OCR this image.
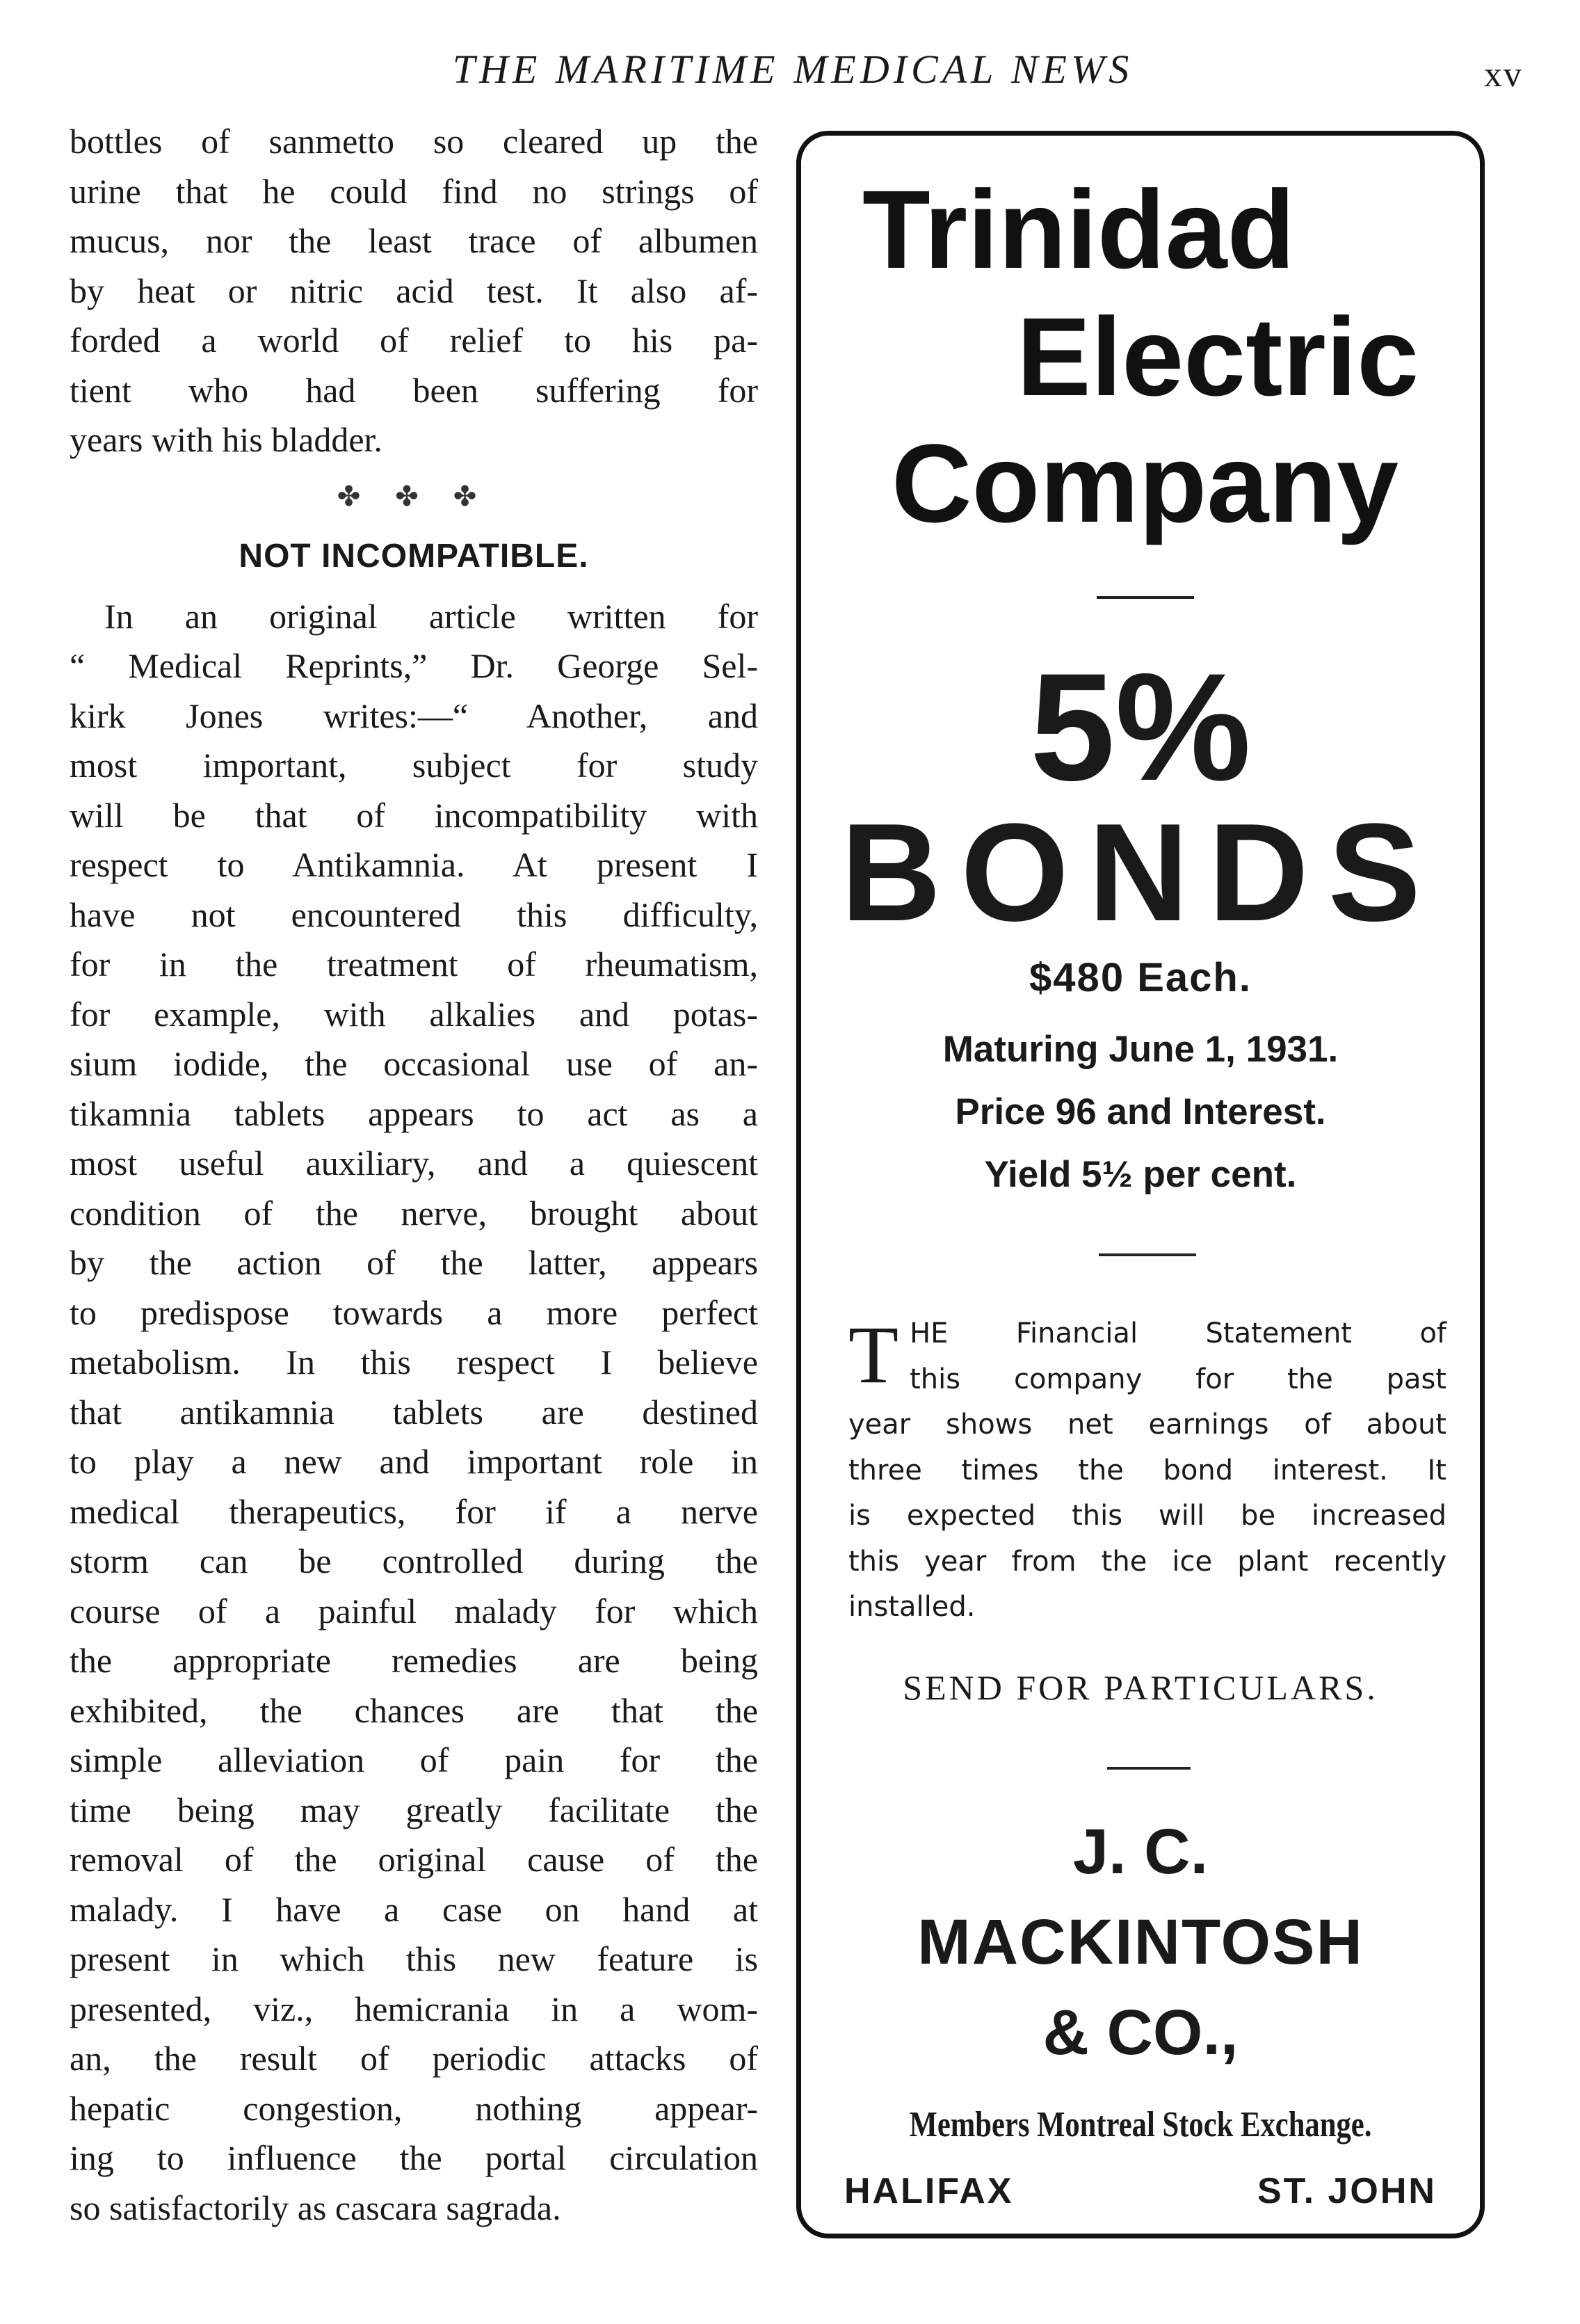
THE MARITIME MEDICAL NEWS	xv
bottles of sanmetto so cleared up the
urine that he could find no strings of
mucus, nor the least trace of albumen
by heat or nitric acid test. It also af-
forded a world of relief to his pa-
tient who had been suffering for
years with his bladder.
✤ ✤ ✤
NOT INCOMPATIBLE.
In an original article written for
“ Medical Reprints,” Dr. George Sel-
kirk Jones writes:—“ Another, and
most important, subject for study
will be that of incompatibility with
respect to Antikamnia. At present I
have not encountered this difficulty,
for in the treatment of rheumatism,
for example, with alkalies and potas-
sium iodide, the occasional use of an-
tikamnia tablets appears to act as a
most useful auxiliary, and a quiescent
condition of the nerve, brought about
by the action of the latter, appears
to predispose towards a more perfect
metabolism. In this respect I believe
that antikamnia tablets are destined
to play a new and important role in
medical therapeutics, for if a nerve
storm can be controlled during the
course of a painful malady for which
the appropriate remedies are being
exhibited, the chances are that the
simple alleviation of pain for the
time being may greatly facilitate the
removal of the original cause of the
malady. I have a case on hand at
present in which this new feature is
presented, viz., hemicrania in a wom-
an, the result of periodic attacks of
hepatic congestion, nothing appear-
ing to influence the portal circulation
so satisfactorily as cascara sagrada.
Trinidad
Electric
Company
5%
BONDS
$480 Each.
Maturing June 1, 1931.
Price 96 and Interest.
Yield 5½ per cent.
T HE Financial Statement of
this company for the past
year shows net earnings of about
three times the bond interest. It
is expected this will be increased
this year from the ice plant recently
installed.
SEND FOR PARTICULARS.
J. C.
MACKINTOSH
& CO.,
Members Montreal Stock Exchange.
HALIFAX	ST. JOHN
